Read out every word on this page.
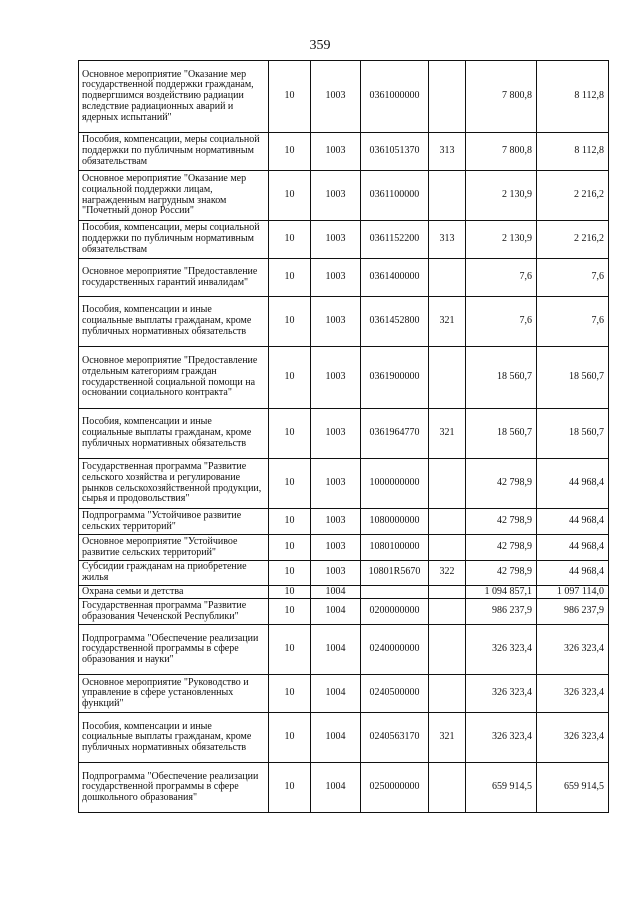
359
Основное мероприятие "Оказание мер государственной поддержки гражданам, подвергшимся воздействию радиации вследствие радиационных аварий и ядерных испытаний"	10	1003	0361000000		7 800,8	8 112,8
Пособия, компенсации, меры социальной поддержки по публичным нормативным обязательствам	10	1003	0361051370	313	7 800,8	8 112,8
Основное мероприятие "Оказание мер социальной поддержки лицам, награжденным нагрудным знаком "Почетный донор России"	10	1003	0361100000		2 130,9	2 216,2
Пособия, компенсации, меры социальной поддержки по публичным нормативным обязательствам	10	1003	0361152200	313	2 130,9	2 216,2
Основное мероприятие "Предоставление государственных гарантий инвалидам"	10	1003	0361400000		7,6	7,6
Пособия, компенсации и иные социальные выплаты гражданам, кроме публичных нормативных обязательств	10	1003	0361452800	321	7,6	7,6
Основное мероприятие "Предоставление отдельным категориям граждан государственной социальной помощи на основании социального контракта"	10	1003	0361900000		18 560,7	18 560,7
Пособия, компенсации и иные социальные выплаты гражданам, кроме публичных нормативных обязательств	10	1003	0361964770	321	18 560,7	18 560,7
Государственная программа "Развитие сельского хозяйства и регулирование рынков сельскохозяйственной продукции, сырья и продовольствия"	10	1003	1000000000		42 798,9	44 968,4
Подпрограмма "Устойчивое развитие сельских территорий"	10	1003	1080000000		42 798,9	44 968,4
Основное мероприятие "Устойчивое развитие сельских территорий"	10	1003	1080100000		42 798,9	44 968,4
Субсидии гражданам на приобретение жилья	10	1003	10801R5670	322	42 798,9	44 968,4
Охрана семьи и детства	10	1004			1 094 857,1	1 097 114,0
Государственная программа "Развитие образования Чеченской Республики"	10	1004	0200000000		986 237,9	986 237,9
Подпрограмма "Обеспечение реализации государственной программы в сфере образования и науки"	10	1004	0240000000		326 323,4	326 323,4
Основное мероприятие "Руководство и управление в сфере установленных функций"	10	1004	0240500000		326 323,4	326 323,4
Пособия, компенсации и иные социальные выплаты гражданам, кроме публичных нормативных обязательств	10	1004	0240563170	321	326 323,4	326 323,4
Подпрограмма "Обеспечение реализации государственной программы в сфере дошкольного образования"	10	1004	0250000000		659 914,5	659 914,5
